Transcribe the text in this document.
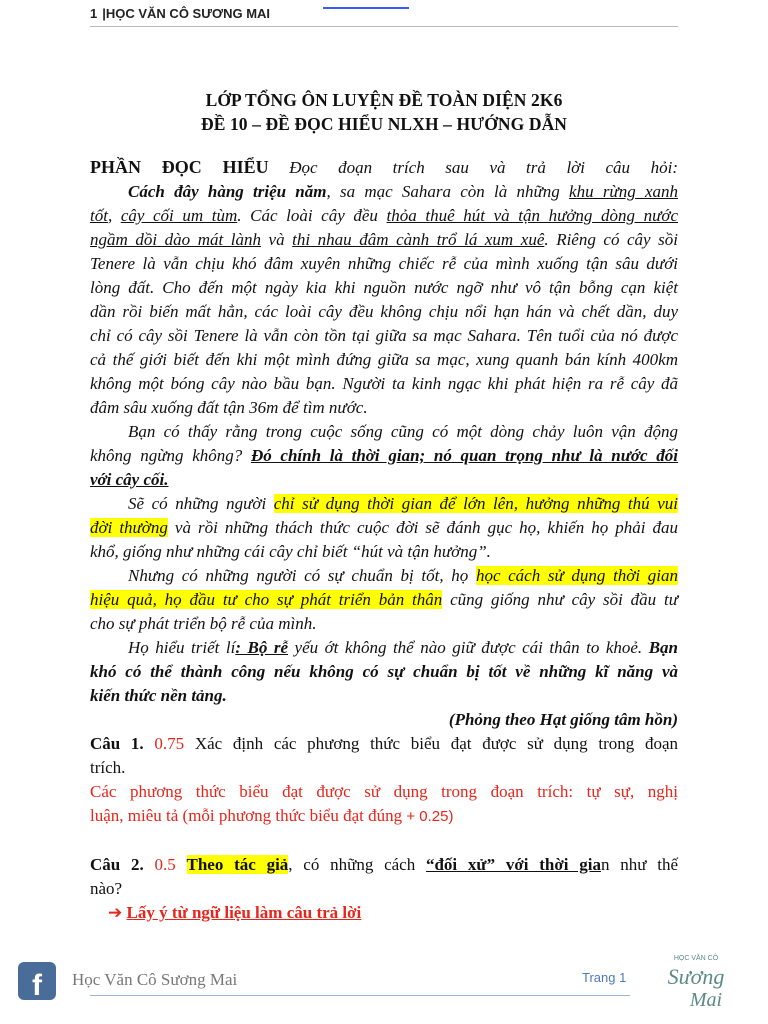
1 |HỌC VĂN CÔ SƯƠNG MAI
LỚP TỔNG ÔN LUYỆN ĐỀ TOÀN DIỆN 2K6
ĐỀ 10 – ĐỀ ĐỌC HIỂU NLXH – HƯỚNG DẪN
PHẦN ĐỌC HIỂU Đọc đoạn trích sau và trả lời câu hỏi:
Cách đây hàng triệu năm, sa mạc Sahara còn là những khu rừng xanh
tốt, cây cối um tùm. Các loài cây đều thỏa thuê hút và tận hưởng dòng nước
ngầm dồi dào mát lành và thi nhau đâm cành trổ lá xum xuê. Riêng có cây sồi
Tenere là vẫn chịu khó đâm xuyên những chiếc rễ của mình xuống tận sâu dưới
lòng đất. Cho đến một ngày kia khi nguồn nước ngỡ như vô tận bỗng cạn kiệt
dần rồi biến mất hẳn, các loài cây đều không chịu nổi hạn hán và chết dần, duy
chỉ có cây sồi Tenere là vẫn còn tồn tại giữa sa mạc Sahara. Tên tuổi của nó được
cả thế giới biết đến khi một mình đứng giữa sa mạc, xung quanh bán kính 400km
không một bóng cây nào bầu bạn. Người ta kinh ngạc khi phát hiện ra rễ cây đã
đâm sâu xuống đất tận 36m để tìm nước.
Bạn có thấy rằng trong cuộc sống cũng có một dòng chảy luôn vận động
không ngừng không? Đó chính là thời gian; nó quan trọng như là nước đối
với cây cối.
Sẽ có những người chỉ sử dụng thời gian để lớn lên, hưởng những thú vui
đời thường và rồi những thách thức cuộc đời sẽ đánh gục họ, khiến họ phải đau
khổ, giống như những cái cây chỉ biết “hút và tận hưởng”.
Nhưng có những người có sự chuẩn bị tốt, họ học cách sử dụng thời gian
hiệu quả, họ đầu tư cho sự phát triển bản thân cũng giống như cây sồi đầu tư
cho sự phát triển bộ rễ của mình.
Họ hiểu triết lí: Bộ rễ yếu ớt không thể nào giữ được cái thân to khoẻ. Bạn
khó có thể thành công nếu không có sự chuẩn bị tốt về những kĩ năng và
kiến thức nền tảng.
(Phỏng theo Hạt giống tâm hồn)
Câu 1. 0.75 Xác định các phương thức biểu đạt được sử dụng trong đoạn
trích.
Các phương thức biểu đạt được sử dụng trong đoạn trích: tự sự, nghị
luận, miêu tả (mỗi phương thức biểu đạt đúng + 0.25)
Câu 2. 0.5 Theo tác giả, có những cách “đối xử” với thời gian như thế
nào?
➔ Lấy ý từ ngữ liệu làm câu trả lời
f Học Văn Cô Sương Mai	Trang 1
HỌC VĂN CÔ
Sương
Mai
